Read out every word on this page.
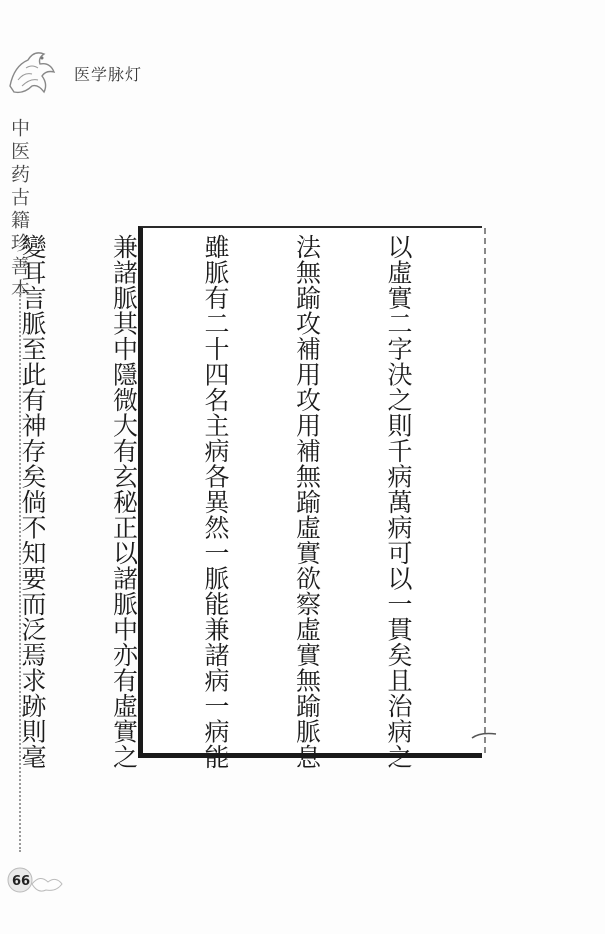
医学脉灯
中医药古籍珍善本

以虛實二字決之則千病萬病可以一貫矣且治病之

法無踰攻補用攻用補無踰虛實欲察虛實無踰脈息

雖脈有二十四名主病各異然一脈能兼諸病一病能

兼諸脈其中隱微大有玄秘正以諸脈中亦有虛實之

變耳言脈至此有神存矣倘不知要而泛焉求跡則毫

66
